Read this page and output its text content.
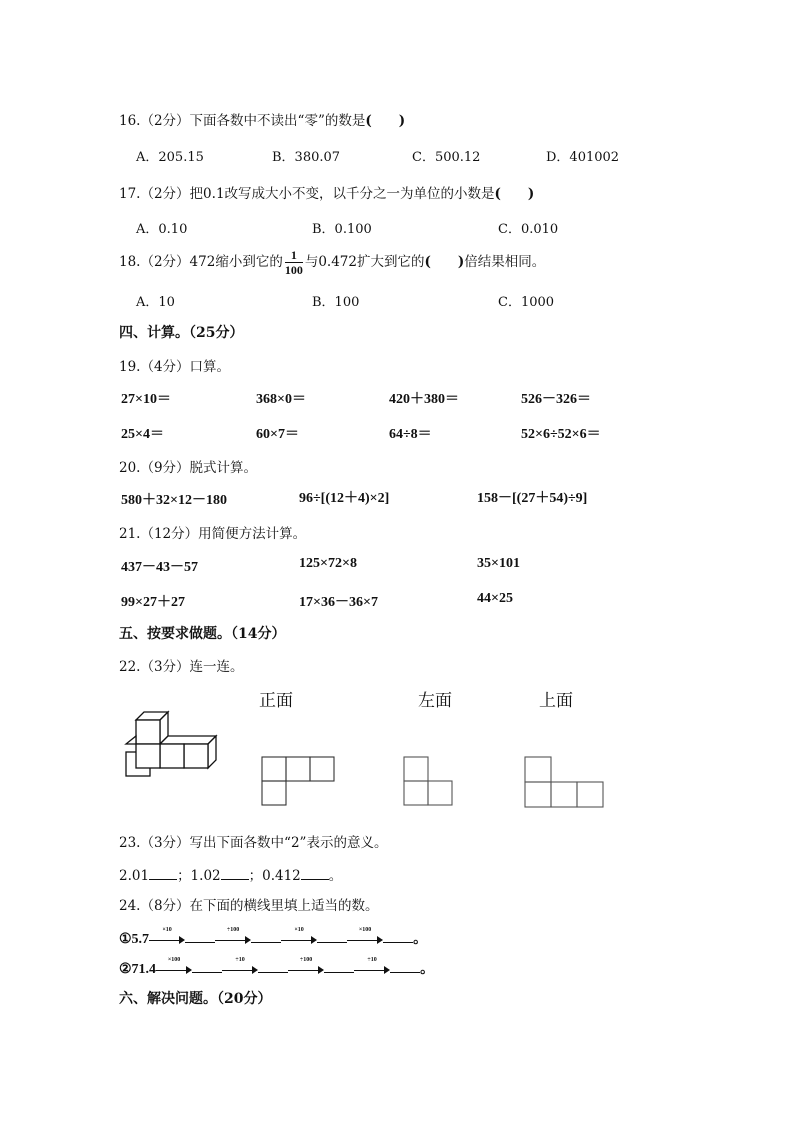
16.（2分）下面各数中不读出“零”的数是(　　)
A．205.15	B．380.07	C．500.12	D．401002
17.（2分）把0.1改写成大小不变，以千分之一为单位的小数是(　　)
A．0.10	B．0.100	C．0.010
18.（2分）472缩小到它的 $\frac{1}{100}$ 与0.472扩大到它的(　　)倍结果相同。
A．10	B．100	C．1000
四、计算。（25分）
19.（4分）口算。
27×10＝	368×0＝	420＋380＝	526－326＝
25×4＝	60×7＝	64÷8＝	52×6÷52×6＝
20.（9分）脱式计算。
580＋32×12－180	96÷[(12＋4)×2]	158－[(27＋54)÷9]
21.（12分）用简便方法计算。
437－43－57	125×72×8	35×101
99×27＋27	17×36－36×7	44×25
五、按要求做题。（14分）
22.（3分）连一连。
正面	左面	上面
23.（3分）写出下面各数中“2”表示的意义。
2.01 ；1.02 ；0.412 。
24.（8分）在下面的横线里填上适当的数。
①5.7
×10	÷100	×10	×100
。
②71.4
×100	÷10	÷100	÷10
。
六、解决问题。（20分）
